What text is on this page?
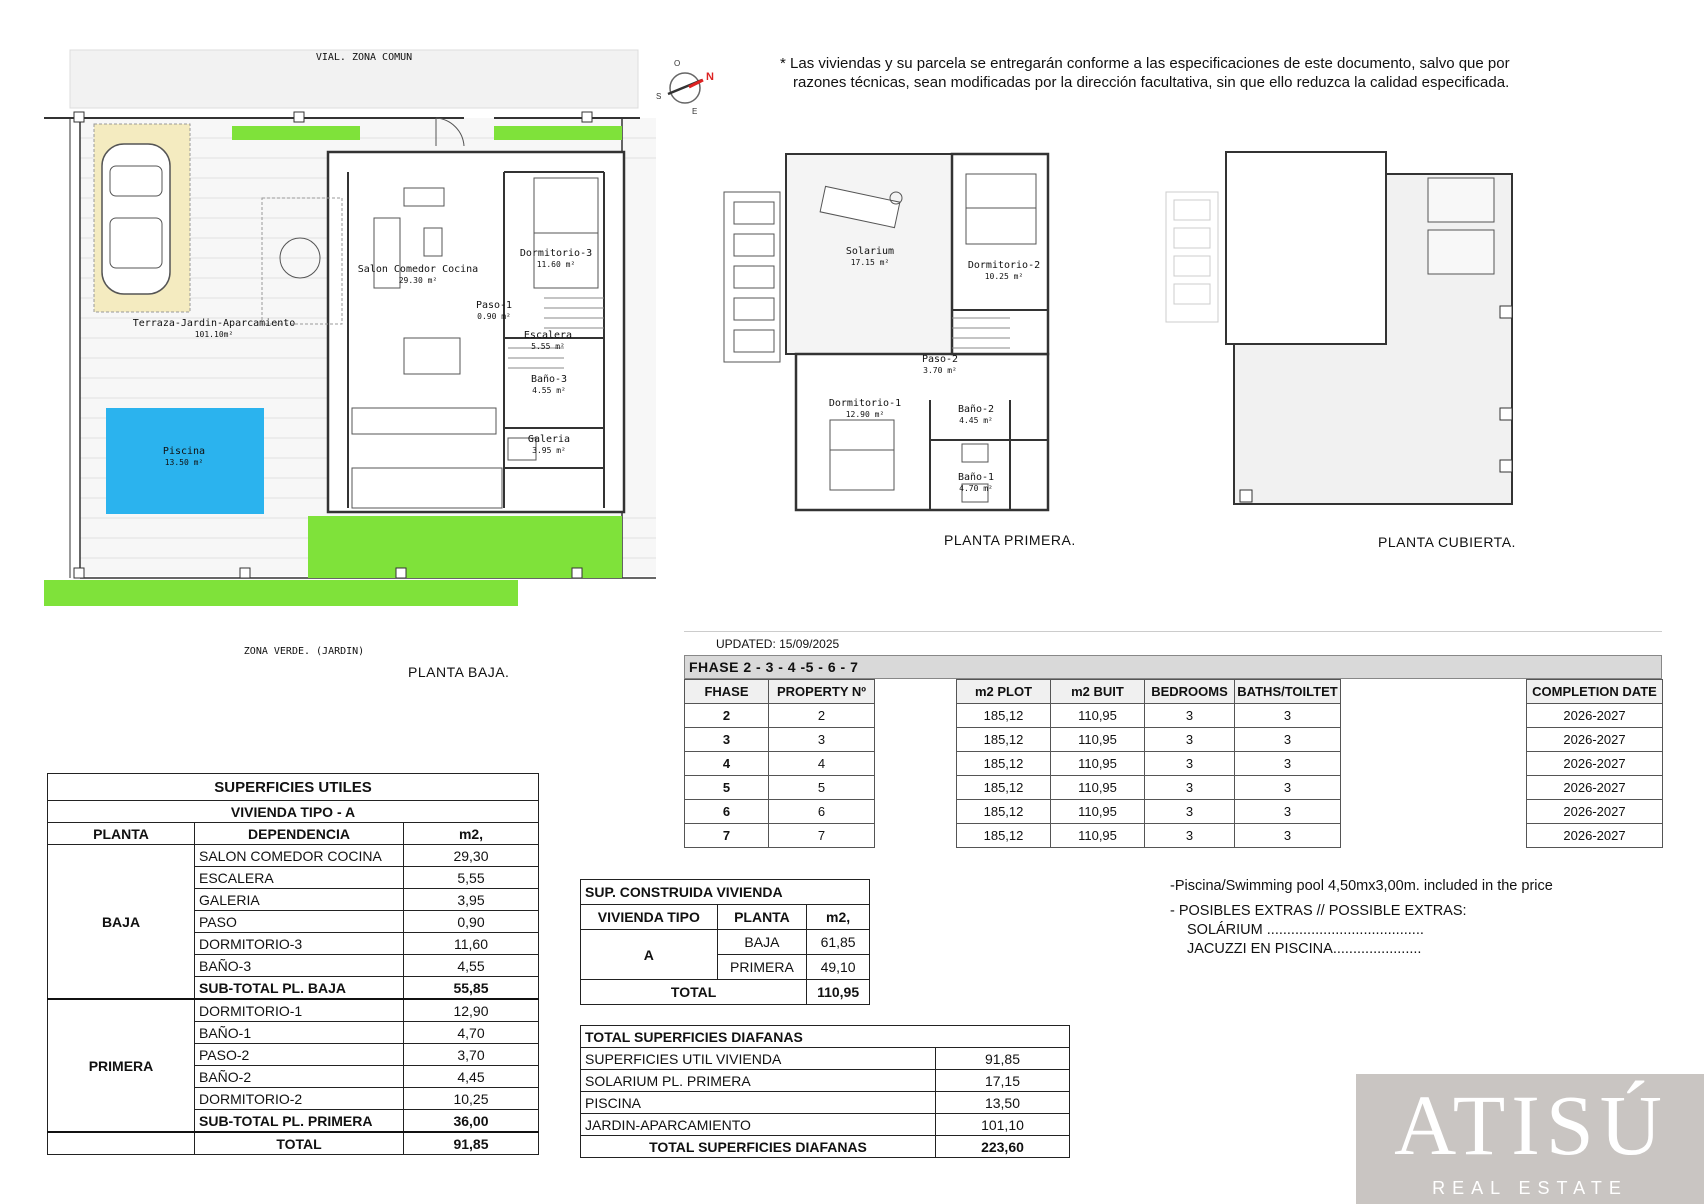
* Las viviendas y su parcela se entregarán conforme a las especificaciones de este documento, salvo que por
razones técnicas, sean modificadas por la dirección facultativa, sin que ello reduzca la calidad especificada.
N
S
E
O
VIAL. ZONA COMUN
Terraza-Jardin-Aparcamiento
101.10m²
Salon Comedor Cocina
29.30 m²
Dormitorio-3
11.60 m²
Paso-1
0.90 m²
Escalera
5.55 m²
Baño-3
4.55 m²
Galeria
3.95 m²
Piscina
13.50 m²
ZONA VERDE. (JARDIN)
PLANTA BAJA.
Solarium
17.15 m²	Dormitorio-2
10.25 m²
Paso-2
3.70 m²
Dormitorio-1
12.90 m²	Baño-2
4.45 m²
Baño-1
4.70 m²
PLANTA PRIMERA.	PLANTA CUBIERTA.
SUPERFICIES UTILES		
VIVIENDA TIPO - A		
PLANTA	DEPENDENCIA	m2,
BAJA	SALON COMEDOR COCINA	29,30
	ESCALERA	5,55
	GALERIA	3,95
	PASO	0,90
	DORMITORIO-3	11,60
	BAÑO-3	4,55
	SUB-TOTAL PL. BAJA	55,85
PRIMERA	DORMITORIO-1	12,90
	BAÑO-1	4,70
	PASO-2	3,70
	BAÑO-2	4,45
	DORMITORIO-2	10,25
	SUB-TOTAL PL. PRIMERA	36,00
	TOTAL	91,85
SUP. CONSTRUIDA VIVIENDA		
VIVIENDA TIPO	PLANTA	m2,
A	BAJA	61,85
	PRIMERA	49,10
TOTAL		110,95
TOTAL SUPERFICIES DIAFANAS	
SUPERFICIES UTIL VIVIENDA	91,85
SOLARIUM PL. PRIMERA	17,15
PISCINA	13,50
JARDIN-APARCAMIENTO	101,10
TOTAL SUPERFICIES DIAFANAS	223,60
UPDATED: 15/09/2025
FHASE 2 - 3 - 4 -5 - 6 - 7
FHASE	PROPERTY Nº		m2 PLOT	m2 BUIT	BEDROOMS	BATHS/TOILTET		COMPLETION DATE
2	2		185,12	110,95	3	3		2026-2027
3	3		185,12	110,95	3	3		2026-2027
4	4		185,12	110,95	3	3		2026-2027
5	5		185,12	110,95	3	3		2026-2027
6	6		185,12	110,95	3	3		2026-2027
7	7		185,12	110,95	3	3		2026-2027
-Piscina/Swimming pool 4,50mx3,00m. included in the price
- POSIBLES EXTRAS // POSSIBLE EXTRAS:
SOLÁRIUM .......................................
JACUZZI EN PISCINA......................
ATISÚ
REAL ESTATE
